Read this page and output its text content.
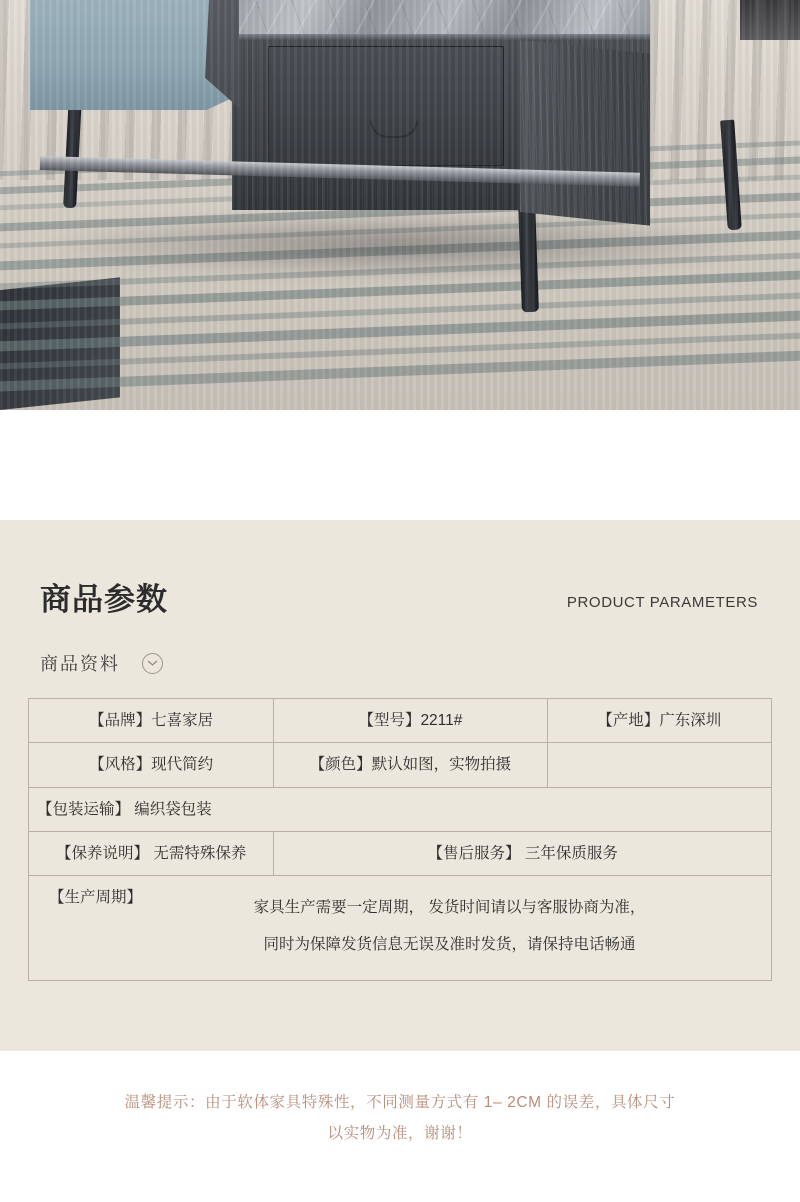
商品参数	PRODUCT PARAMETERS
商品资料
【品牌】七喜家居	【型号】2211#	【产地】广东深圳
【风格】现代简约	【颜色】默认如图，实物拍摄	
【包装运输】 编织袋包装		
【保养说明】 无需特殊保养	【售后服务】 三年保质服务	

【生产周期】
家具生产需要一定周期， 发货时间请以与客服协商为准，
同时为保障发货信息无误及准时发货，请保持电话畅通		

温馨提示：由于软体家具特殊性，不同测量方式有 1– 2CM 的误差，具体尺寸

以实物为准，谢谢！
